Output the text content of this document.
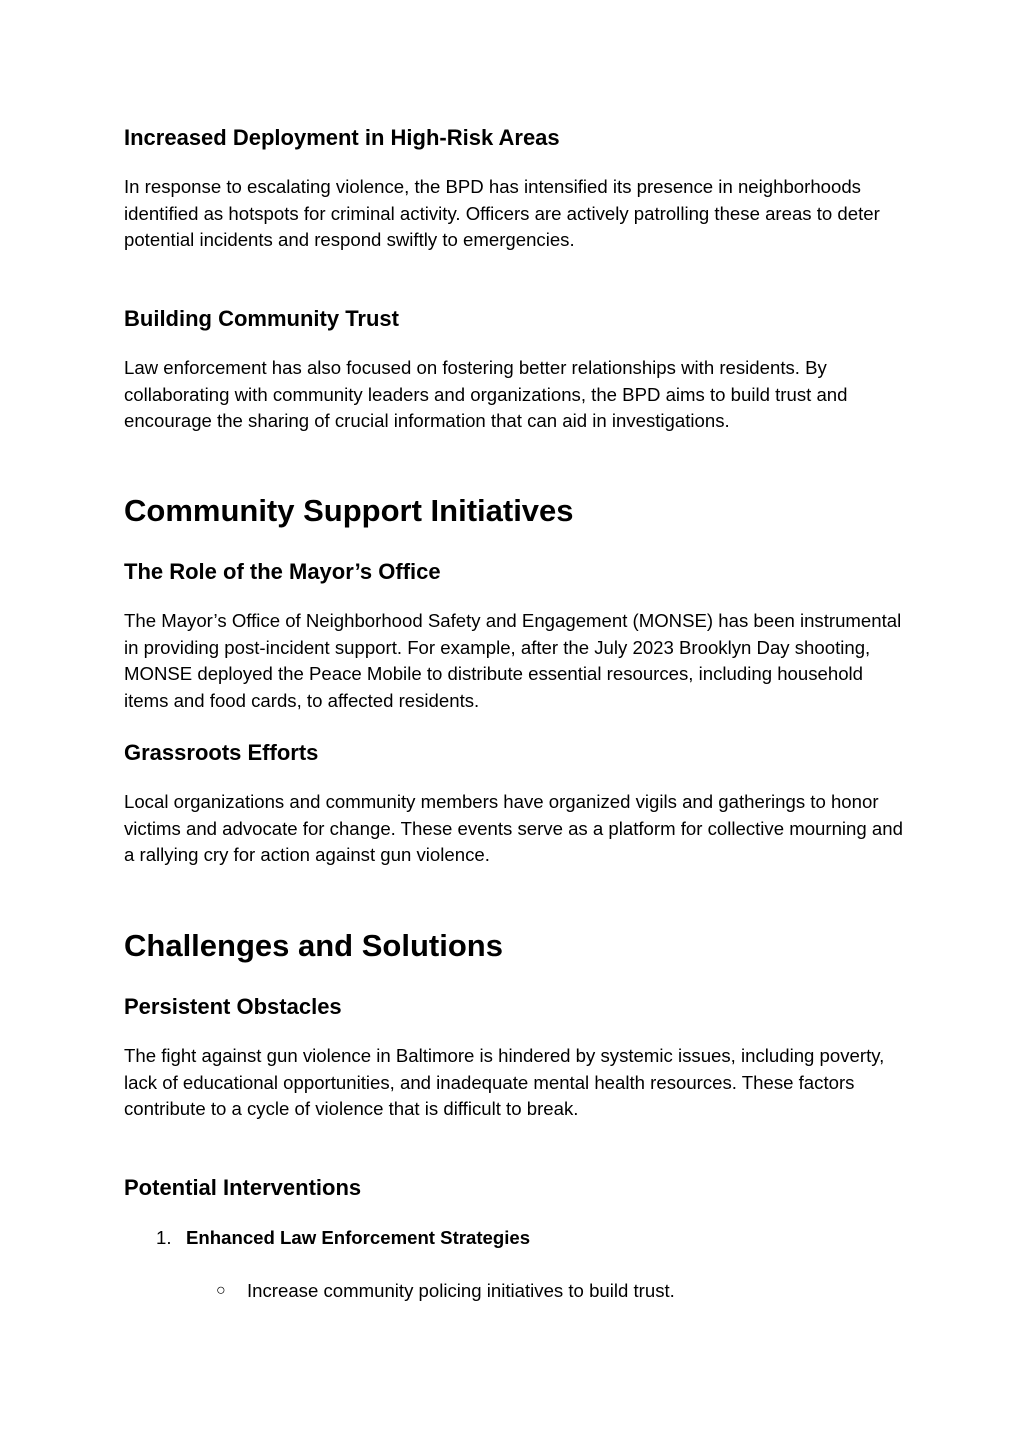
Increased Deployment in High-Risk Areas

In response to escalating violence, the BPD has intensified its presence in neighborhoods identified as hotspots for criminal activity. Officers are actively patrolling these areas to deter potential incidents and respond swiftly to emergencies.

Building Community Trust

Law enforcement has also focused on fostering better relationships with residents. By collaborating with community leaders and organizations, the BPD aims to build trust and encourage the sharing of crucial information that can aid in investigations.

Community Support Initiatives
The Role of the Mayor’s Office

The Mayor’s Office of Neighborhood Safety and Engagement (MONSE) has been instrumental in providing post-incident support. For example, after the July 2023 Brooklyn Day shooting, MONSE deployed the Peace Mobile to distribute essential resources, including household items and food cards, to affected residents.

Grassroots Efforts

Local organizations and community members have organized vigils and gatherings to honor victims and advocate for change. These events serve as a platform for collective mourning and a rallying cry for action against gun violence.

Challenges and Solutions
Persistent Obstacles

The fight against gun violence in Baltimore is hindered by systemic issues, including poverty, lack of educational opportunities, and inadequate mental health resources. These factors contribute to a cycle of violence that is difficult to break.

Potential Interventions
1. Enhanced Law Enforcement Strategies
○ Increase community policing initiatives to build trust.
